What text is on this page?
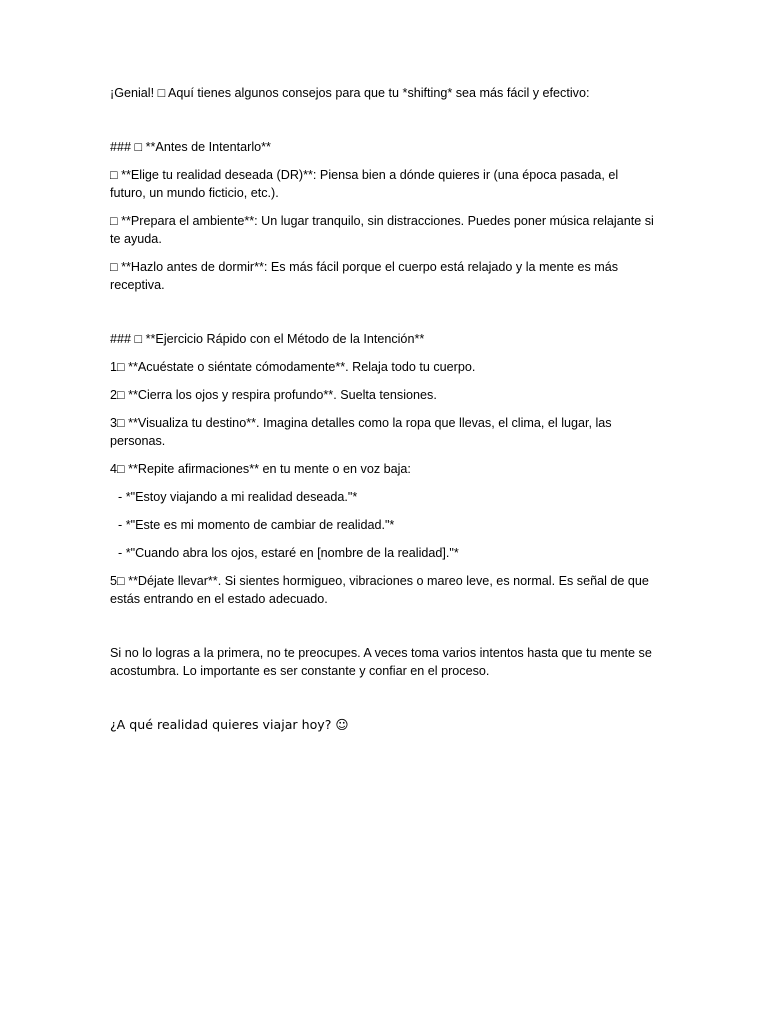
¡Genial! □ Aquí tienes algunos consejos para que tu *shifting* sea más fácil y efectivo:

### □ **Antes de Intentarlo**

□ **Elige tu realidad deseada (DR)**: Piensa bien a dónde quieres ir (una época pasada, el futuro, un mundo ficticio, etc.).

□ **Prepara el ambiente**: Un lugar tranquilo, sin distracciones. Puedes poner música relajante si te ayuda.

□ **Hazlo antes de dormir**: Es más fácil porque el cuerpo está relajado y la mente es más receptiva.

### □ **Ejercicio Rápido con el Método de la Intención**

1□ **Acuéstate o siéntate cómodamente**. Relaja todo tu cuerpo.

2□ **Cierra los ojos y respira profundo**. Suelta tensiones.

3□ **Visualiza tu destino**. Imagina detalles como la ropa que llevas, el clima, el lugar, las personas.

4□ **Repite afirmaciones** en tu mente o en voz baja:

- *"Estoy viajando a mi realidad deseada."*

- *"Este es mi momento de cambiar de realidad."*

- *"Cuando abra los ojos, estaré en [nombre de la realidad]."*

5□ **Déjate llevar**. Si sientes hormigueo, vibraciones o mareo leve, es normal. Es señal de que estás entrando en el estado adecuado.

Si no lo logras a la primera, no te preocupes. A veces toma varios intentos hasta que tu mente se acostumbra. Lo importante es ser constante y confiar en el proceso.

¿A qué realidad quieres viajar hoy? ☺
